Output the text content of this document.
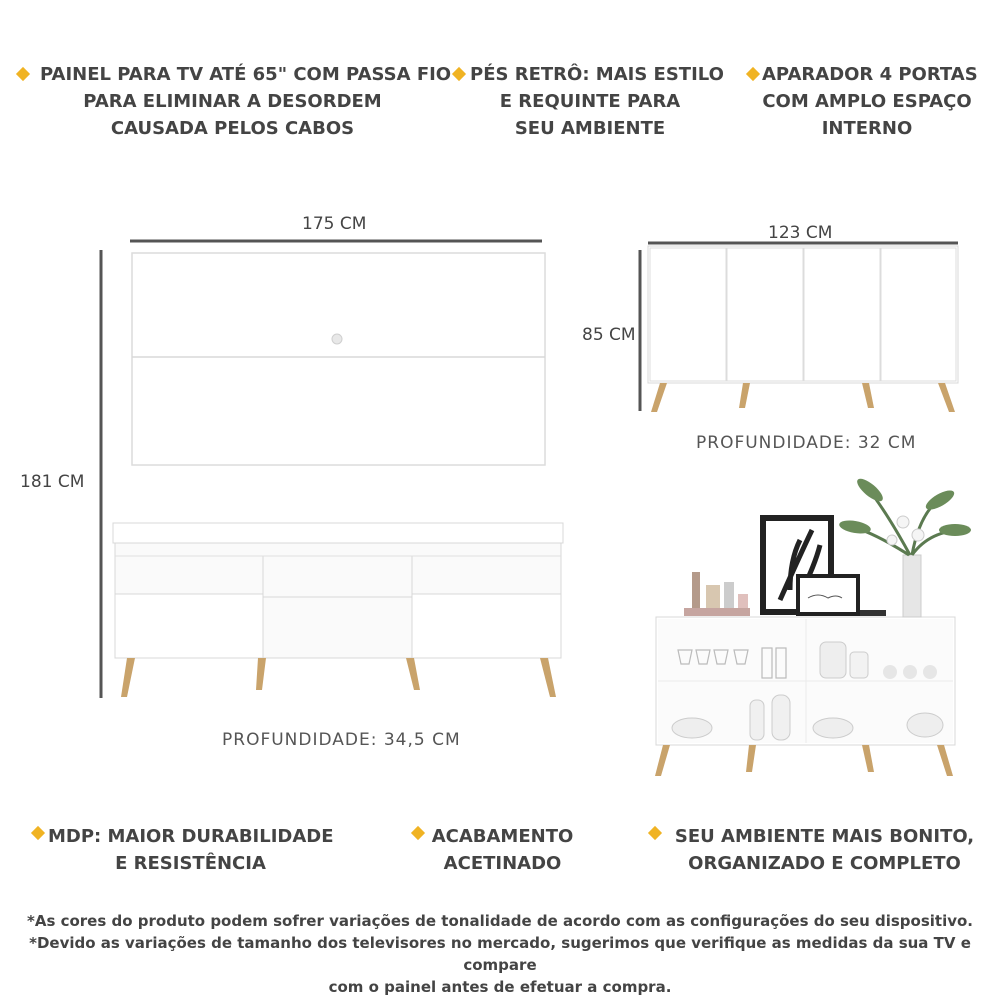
PAINEL PARA TV ATÉ 65" COM PASSA FIO
PARA ELIMINAR A DESORDEM
CAUSADA PELOS CABOS
PÉS RETRÔ: MAIS ESTILO
E REQUINTE PARA
SEU AMBIENTE
APARADOR 4 PORTAS
COM AMPLO ESPAÇO
INTERNO
175 CM
181 CM
PROFUNDIDADE: 34,5 CM
123 CM
85 CM
PROFUNDIDADE: 32 CM
MDP: MAIOR DURABILIDADE
E RESISTÊNCIA
ACABAMENTO
ACETINADO
SEU AMBIENTE MAIS BONITO,
ORGANIZADO E COMPLETO
*As cores do produto podem sofrer variações de tonalidade de acordo com as configurações do seu dispositivo.
*Devido as variações de tamanho dos televisores no mercado, sugerimos que verifique as medidas da sua TV e compare
com o painel antes de efetuar a compra.
